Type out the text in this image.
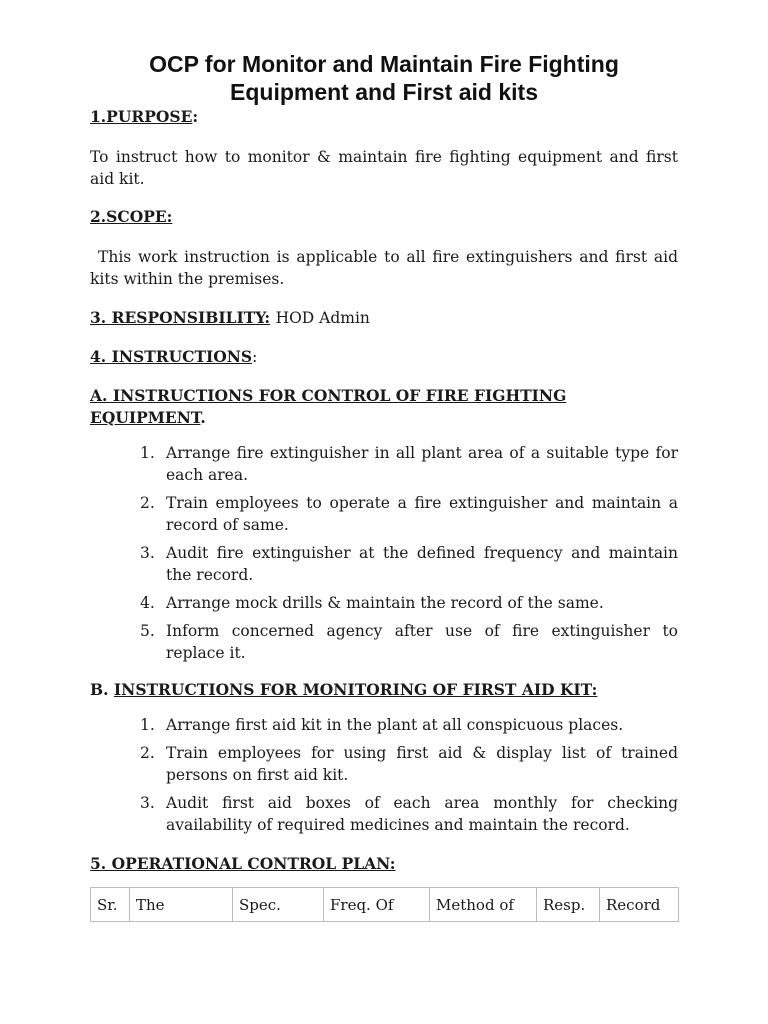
OCP for Monitor and Maintain Fire Fighting
Equipment and First aid kits
1.PURPOSE:
To instruct how to monitor & maintain fire fighting equipment and first aid kit.
2.SCOPE:
This work instruction is applicable to all fire extinguishers and first aid kits within the premises.
3. RESPONSIBILITY: HOD Admin
4. INSTRUCTIONS:
A. INSTRUCTIONS FOR CONTROL OF FIRE FIGHTING EQUIPMENT.
1. Arrange fire extinguisher in all plant area of a suitable type for each area.
2. Train employees to operate a fire extinguisher and maintain a record of same.
3. Audit fire extinguisher at the defined frequency and maintain the record.
4. Arrange mock drills & maintain the record of the same.
5. Inform concerned agency after use of fire extinguisher to replace it.
B. INSTRUCTIONS FOR MONITORING OF FIRST AID KIT:
1. Arrange first aid kit in the plant at all conspicuous places.
2. Train employees for using first aid & display list of trained persons on first aid kit.
3. Audit first aid boxes of each area monthly for checking availability of required medicines and maintain the record.
5. OPERATIONAL CONTROL PLAN:
Sr.	The	Spec.	Freq. Of	Method of	Resp.	Record
